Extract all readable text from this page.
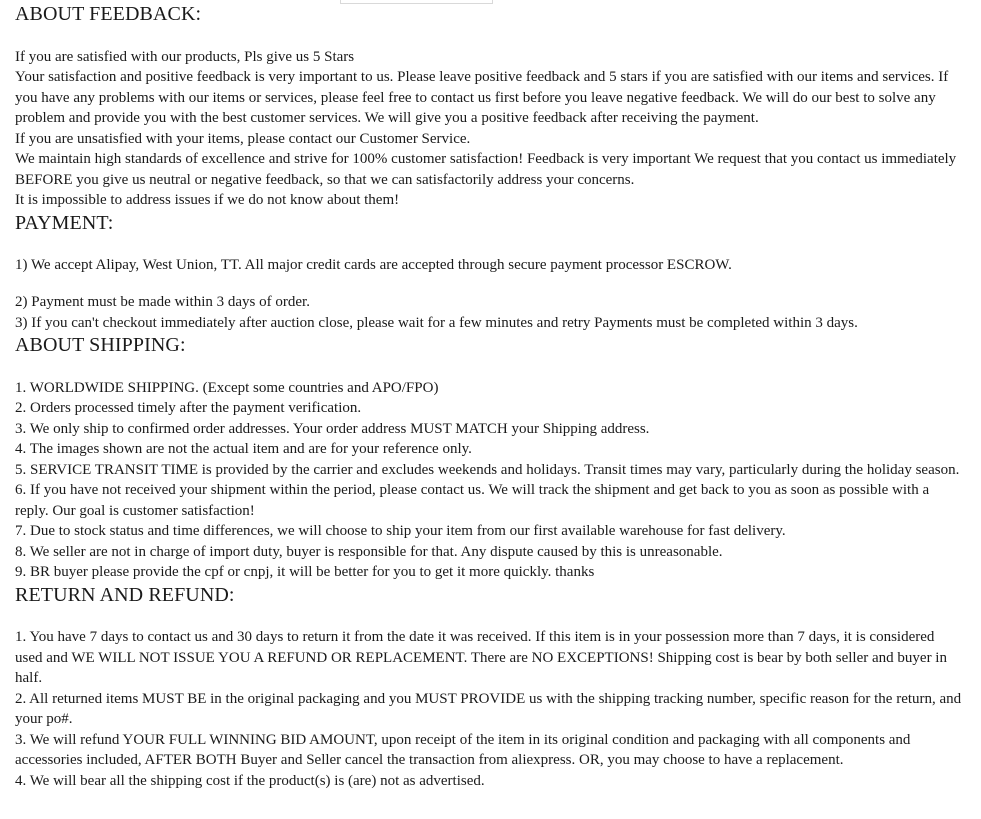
ABOUT FEEDBACK:
If you are satisfied with our products, Pls give us 5 Stars
Your satisfaction and positive feedback is very important to us. Please leave positive feedback and 5 stars if you are satisfied with our items and services. If you have any problems with our items or services, please feel free to contact us first before you leave negative feedback. We will do our best to solve any problem and provide you with the best customer services. We will give you a positive feedback after receiving the payment.
If you are unsatisfied with your items, please contact our Customer Service.
We maintain high standards of excellence and strive for 100% customer satisfaction! Feedback is very important We request that you contact us immediately BEFORE you give us neutral or negative feedback, so that we can satisfactorily address your concerns.
It is impossible to address issues if we do not know about them!
PAYMENT:
1) We accept Alipay, West Union, TT. All major credit cards are accepted through secure payment processor ESCROW.
2) Payment must be made within 3 days of order.
3) If you can't checkout immediately after auction close, please wait for a few minutes and retry Payments must be completed within 3 days.
ABOUT SHIPPING:
1. WORLDWIDE SHIPPING. (Except some countries and APO/FPO)
2. Orders processed timely after the payment verification.
3. We only ship to confirmed order addresses. Your order address MUST MATCH your Shipping address.
4. The images shown are not the actual item and are for your reference only.
5. SERVICE TRANSIT TIME is provided by the carrier and excludes weekends and holidays. Transit times may vary, particularly during the holiday season.
6. If you have not received your shipment within the period, please contact us. We will track the shipment and get back to you as soon as possible with a reply. Our goal is customer satisfaction!
7. Due to stock status and time differences, we will choose to ship your item from our first available warehouse for fast delivery.
8. We seller are not in charge of import duty, buyer is responsible for that. Any dispute caused by this is unreasonable.
9. BR buyer please provide the cpf or cnpj, it will be better for you to get it more quickly. thanks
RETURN AND REFUND:
1. You have 7 days to contact us and 30 days to return it from the date it was received. If this item is in your possession more than 7 days, it is considered used and WE WILL NOT ISSUE YOU A REFUND OR REPLACEMENT. There are NO EXCEPTIONS! Shipping cost is bear by both seller and buyer in half.
2. All returned items MUST BE in the original packaging and you MUST PROVIDE us with the shipping tracking number, specific reason for the return, and your po#.
3. We will refund YOUR FULL WINNING BID AMOUNT, upon receipt of the item in its original condition and packaging with all components and accessories included, AFTER BOTH Buyer and Seller cancel the transaction from aliexpress. OR, you may choose to have a replacement.
4. We will bear all the shipping cost if the product(s) is (are) not as advertised.
